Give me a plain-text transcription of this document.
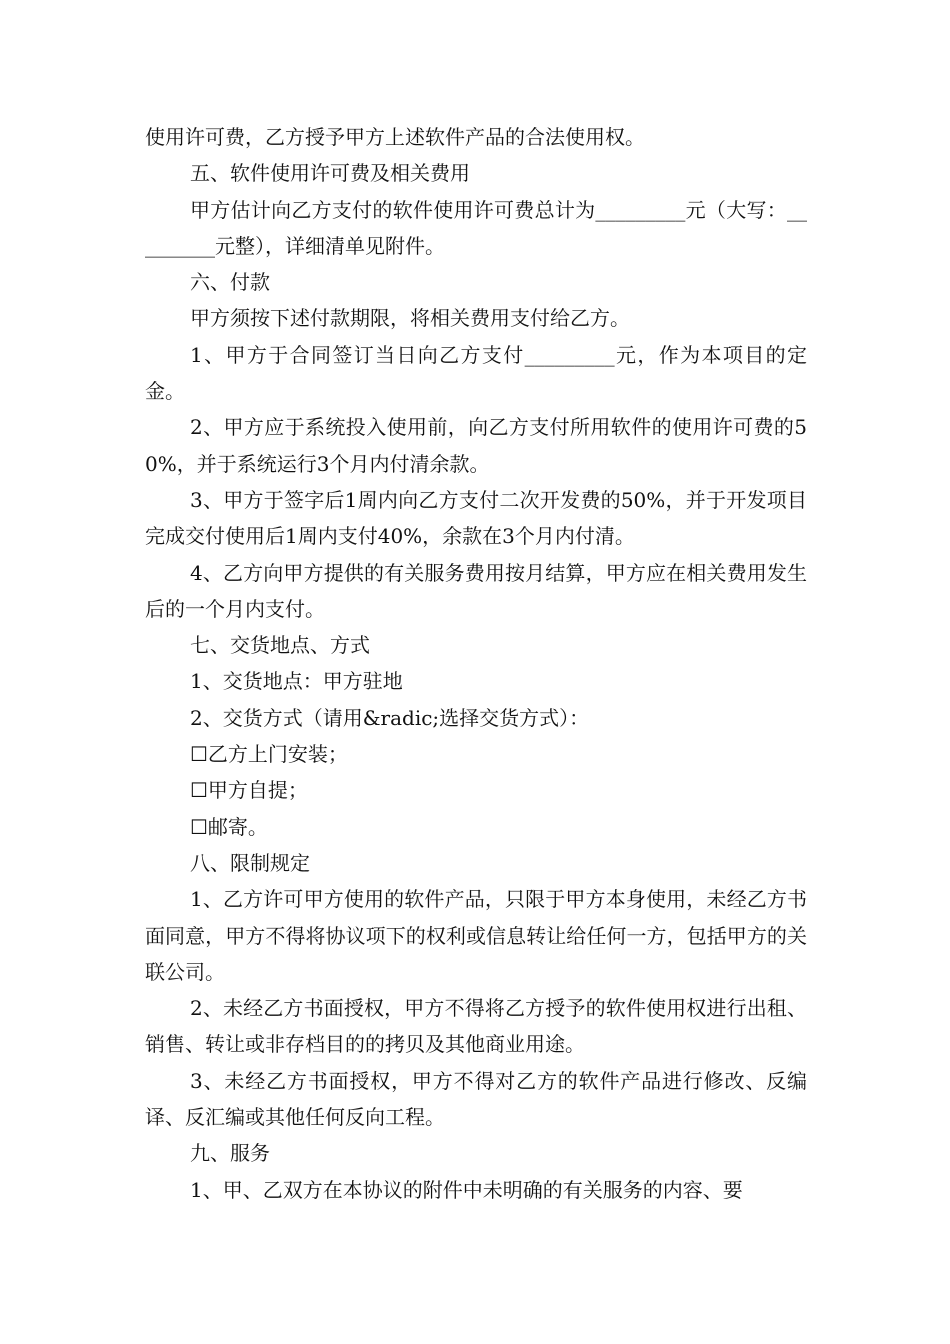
使用许可费，乙方授予甲方上述软件产品的合法使用权。

五、软件使用许可费及相关费用

甲方估计向乙方支付的软件使用许可费总计为_________元（大写：_________元整），详细清单见附件。

六、付款

甲方须按下述付款期限，将相关费用支付给乙方。

1、甲方于合同签订当日向乙方支付_________元，作为本项目的定金。

2、甲方应于系统投入使用前，向乙方支付所用软件的使用许可费的50%，并于系统运行3个月内付清余款。

3、甲方于签字后1周内向乙方支付二次开发费的50%，并于开发项目完成交付使用后1周内支付40%，余款在3个月内付清。

4、乙方向甲方提供的有关服务费用按月结算，甲方应在相关费用发生后的一个月内支付。

七、交货地点、方式

1、交货地点：甲方驻地

2、交货方式（请用&radic;选择交货方式）：

☐乙方上门安装；

☐甲方自提；

☐邮寄。

八、限制规定

1、乙方许可甲方使用的软件产品，只限于甲方本身使用，未经乙方书面同意，甲方不得将协议项下的权利或信息转让给任何一方，包括甲方的关联公司。

2、未经乙方书面授权，甲方不得将乙方授予的软件使用权进行出租、销售、转让或非存档目的的拷贝及其他商业用途。

3、未经乙方书面授权，甲方不得对乙方的软件产品进行修改、反编译、反汇编或其他任何反向工程。

九、服务

1、甲、乙双方在本协议的附件中未明确的有关服务的内容、要
